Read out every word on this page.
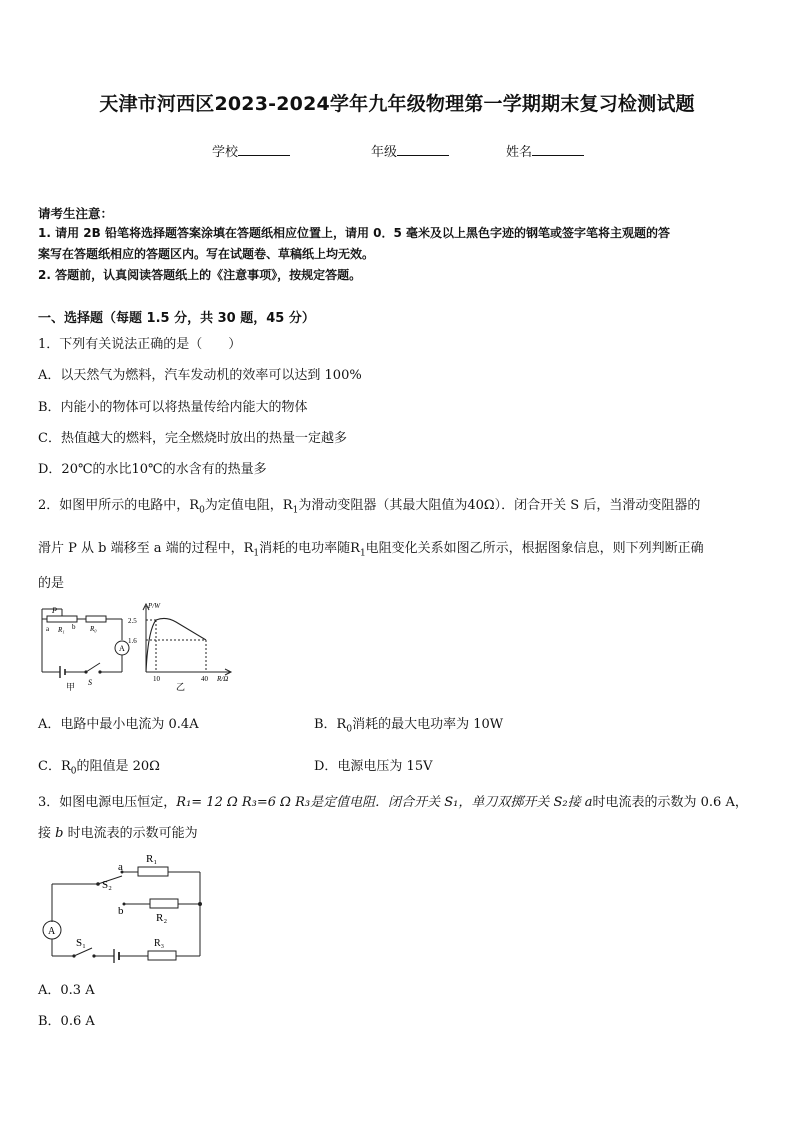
天津市河西区2023-2024学年九年级物理第一学期期末复习检测试题
学校	年级	姓名
请考生注意：
1. 请用 2B 铅笔将选择题答案涂填在答题纸相应位置上，请用 0．5 毫米及以上黑色字迹的钢笔或签字笔将主观题的答
案写在答题纸相应的答题区内。写在试题卷、草稿纸上均无效。
2. 答题前，认真阅读答题纸上的《注意事项》，按规定答题。
一、选择题（每题 1.5 分，共 30 题，45 分）
1．下列有关说法正确的是（　　）
A．以天然气为燃料，汽车发动机的效率可以达到 100%
B．内能小的物体可以将热量传给内能大的物体
C．热值越大的燃料，完全燃烧时放出的热量一定越多
D．20℃的水比10℃的水含有的热量多
2．如图甲所示的电路中，$R_0$为定值电阻，$R_1$为滑动变阻器（其最大阻值为40Ω）．闭合开关 S 后，当滑动变阻器的
滑片 P 从 b 端移至 a 端的过程中，$R_1$消耗的电功率随$R_1$电阻变化关系如图乙所示，根据图象信息，则下列判断正确
的是
P
a	b
R₁	R₀
A
S
甲
P/W
2.5
1.6
10	40 R/Ω
乙
A．电路中最小电流为 0.4A	B．$R_0$消耗的最大电功率为 10W
C．$R_0$的阻值是 20Ω	D．电源电压为 15V
3．如图电源电压恒定，R₁= 12 Ω R₃=6 Ω R₃是定值电阻．闭合开关 S₁，单刀双掷开关 S₂接 a时电流表的示数为 0.6 A，
接 b 时电流表的示数可能为
a
b
R₁
R₂
R₃
S₂
S₁
A
A．0.3 A
B．0.6 A
